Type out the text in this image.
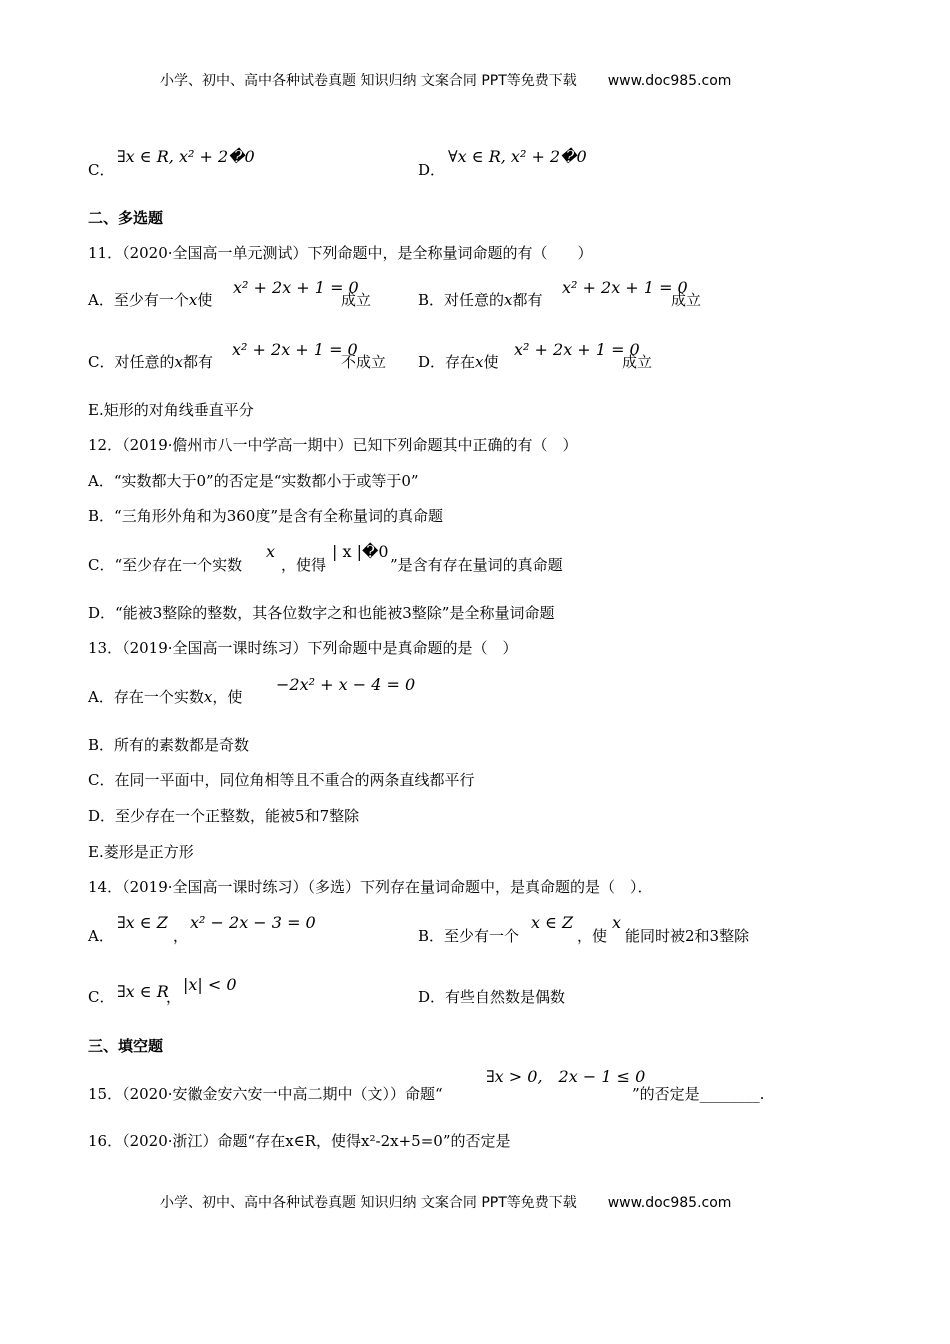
小学、初中、高中各种试卷真题 知识归纳 文案合同 PPT等免费下载 www.doc985.com
C．
∃x ∈ R, x² + 2�0
D．
∀x ∈ R, x² + 2�0
二、多选题
11．（2020·全国高一单元测试）下列命题中，是全称量词命题的有（　　）
A．至少有一个x使
x² + 2x + 1 = 0
成立	B．对任意的x都有
x² + 2x + 1 = 0
成立
C．对任意的x都有
x² + 2x + 1 = 0
不成立 D．存在x使
x² + 2x + 1 = 0
成立
E.矩形的对角线垂直平分
12．（2019·儋州市八一中学高一期中）已知下列命题其中正确的有（　）
A．“实数都大于0”的否定是“实数都小于或等于0”
B．“三角形外角和为360度”是含有全称量词的真命题
C．“至少存在一个实数
x
，使得
| x |�0
”是含有存在量词的真命题
D．“能被3整除的整数，其各位数字之和也能被3整除”是全称量词命题
13．（2019·全国高一课时练习）下列命题中是真命题的是（　）
A．存在一个实数x，使
−2x² + x − 4 = 0
B．所有的素数都是奇数
C．在同一平面中，同位角相等且不重合的两条直线都平行
D．至少存在一个正整数，能被5和7整除
E.菱形是正方形
14．（2019·全国高一课时练习）（多选）下列存在量词命题中，是真命题的是（　）．
A．
∃x ∈ Z
，
x² − 2x − 3 = 0
B．至少有一个
x ∈ Z
，使
x
能同时被2和3整除
C． ∃x ∈ R
，
|x| < 0
D．有些自然数是偶数
三、填空题
15．（2020·安徽金安六安一中高二期中（文））命题“
∃x > 0,　2x − 1 ≤ 0
”的否定是________.
16．（2020·浙江）命题“存在x∈R，使得x²-2x+5=0”的否定是
小学、初中、高中各种试卷真题 知识归纳 文案合同 PPT等免费下载 www.doc985.com
